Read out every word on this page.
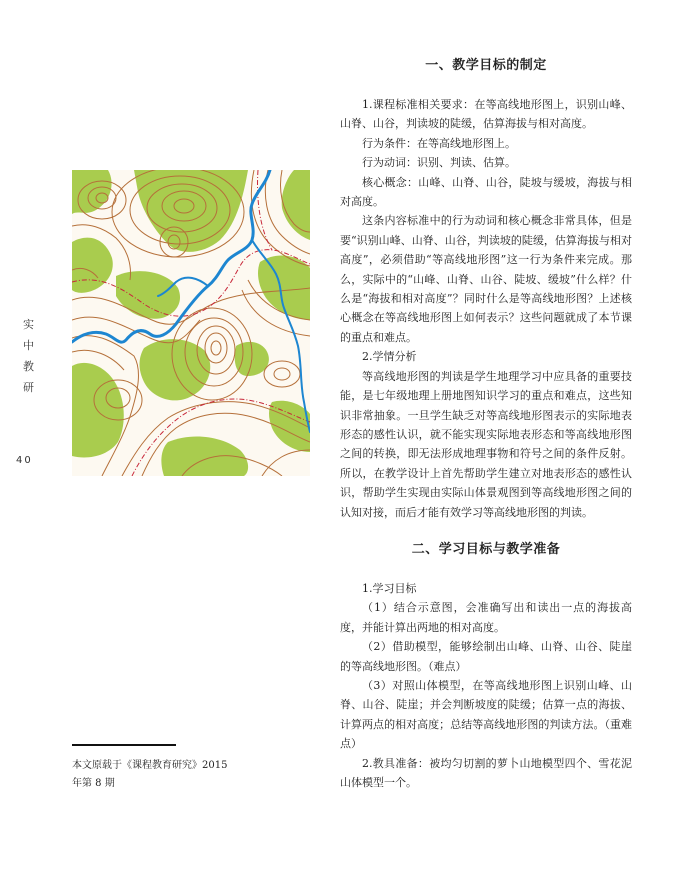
实
中
教
研
40
本文原载于《课程教育研究》2015
年第 8 期
一、教学目标的制定

1.课程标准相关要求：在等高线地形图上，识别山峰、山脊、山谷，判读坡的陡缓，估算海拔与相对高度。

行为条件：在等高线地形图上。

行为动词：识别、判读、估算。

核心概念：山峰、山脊、山谷，陡坡与缓坡，海拔与相对高度。

这条内容标准中的行为动词和核心概念非常具体，但是要“识别山峰、山脊、山谷，判读坡的陡缓，估算海拔与相对高度”，必须借助“等高线地形图”这一行为条件来完成。那么，实际中的“山峰、山脊、山谷、陡坡、缓坡”什么样？什么是“海拔和相对高度”？同时什么是等高线地形图？上述核心概念在等高线地形图上如何表示？这些问题就成了本节课的重点和难点。

2.学情分析

等高线地形图的判读是学生地理学习中应具备的重要技能，是七年级地理上册地图知识学习的重点和难点，这些知识非常抽象。一旦学生缺乏对等高线地形图表示的实际地表形态的感性认识，就不能实现实际地表形态和等高线地形图之间的转换，即无法形成地理事物和符号之间的条件反射。所以，在教学设计上首先帮助学生建立对地表形态的感性认识，帮助学生实现由实际山体景观图到等高线地形图之间的认知对接，而后才能有效学习等高线地形图的判读。

二、学习目标与教学准备

1.学习目标

（1）结合示意图，会准确写出和读出一点的海拔高度，并能计算出两地的相对高度。

（2）借助模型，能够绘制出山峰、山脊、山谷、陡崖的等高线地形图。（难点）

（3）对照山体模型，在等高线地形图上识别山峰、山脊、山谷、陡崖；并会判断坡度的陡缓；估算一点的海拔、计算两点的相对高度；总结等高线地形图的判读方法。（重难点）

2.教具准备：被均匀切割的萝卜山地模型四个、雪花泥山体模型一个。
